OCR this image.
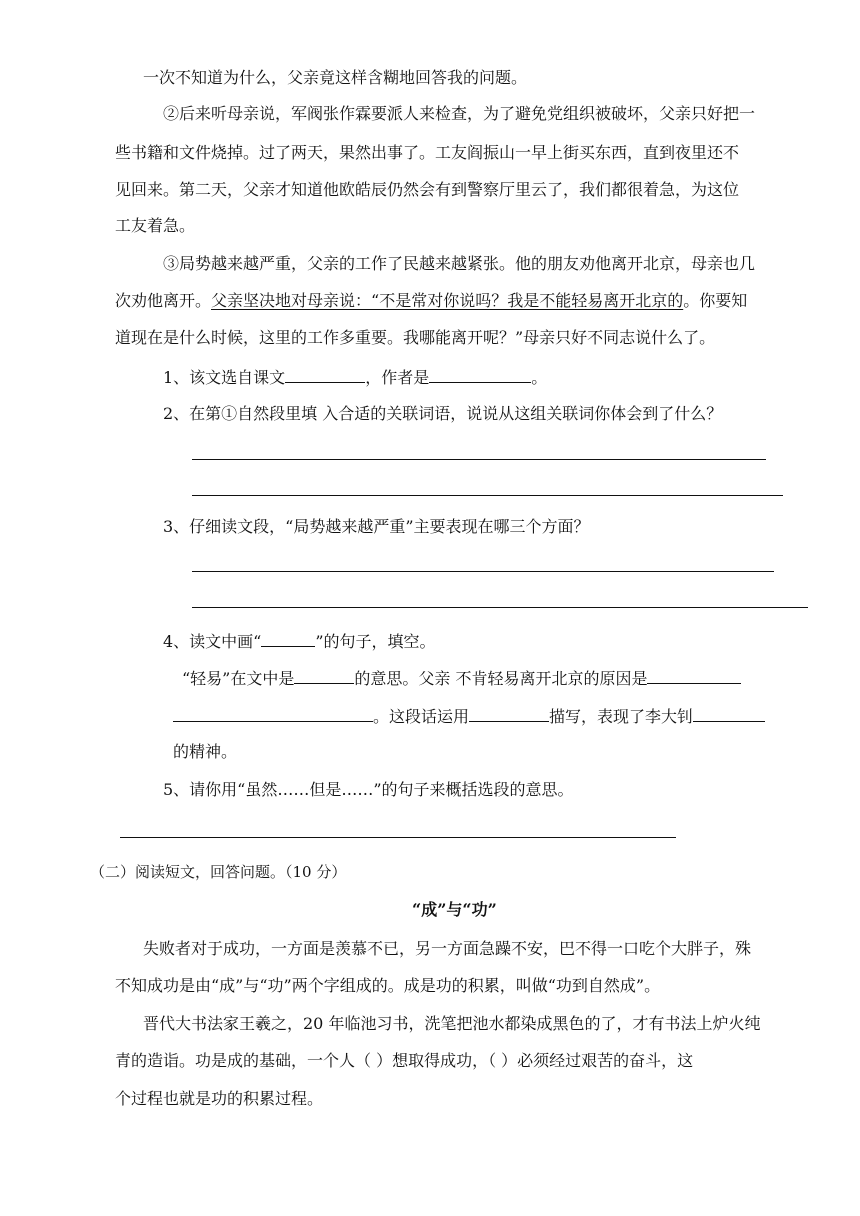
一次不知道为什么，父亲竟这样含糊地回答我的问题。
②后来听母亲说，军阀张作霖要派人来检查，为了避免党组织被破坏，父亲只好把一
些书籍和文件烧掉。过了两天，果然出事了。工友阎振山一早上街买东西，直到夜里还不
见回来。第二天，父亲才知道他欧皓辰仍然会有到警察厅里云了，我们都很着急，为这位
工友着急。
③局势越来越严重，父亲的工作了民越来越紧张。他的朋友劝他离开北京，母亲也几
次劝他离开。父亲坚决地对母亲说：“不是常对你说吗？我是不能轻易离开北京的。你要知
道现在是什么时候，这里的工作多重要。我哪能离开呢？”母亲只好不同志说什么了。
1、该文选自课文	，作者是	。
2、在第①自然段里填 入合适的关联词语，说说从这组关联词你体会到了什么？
3、仔细读文段，“局势越来越严重”主要表现在哪三个方面？
4、读文中画“	”的句子，填空。
“轻易”在文中是	的意思。父亲 不肯轻易离开北京的原因是
。这段话运用	描写，表现了李大钊
的精神。
5、请你用“虽然……但是……”的句子来概括选段的意思。
（二）阅读短文，回答问题。（10 分）
“成”与“功”
失败者对于成功，一方面是羡慕不已，另一方面急躁不安，巴不得一口吃个大胖子，殊
不知成功是由“成”与“功”两个字组成的。成是功的积累，叫做“功到自然成”。
晋代大书法家王羲之，20 年临池习书，洗笔把池水都染成黑色的了，才有书法上炉火纯
青的造诣。功是成的基础，一个人（ ）想取得成功，（ ）必须经过艰苦的奋斗，这
个过程也就是功的积累过程。
